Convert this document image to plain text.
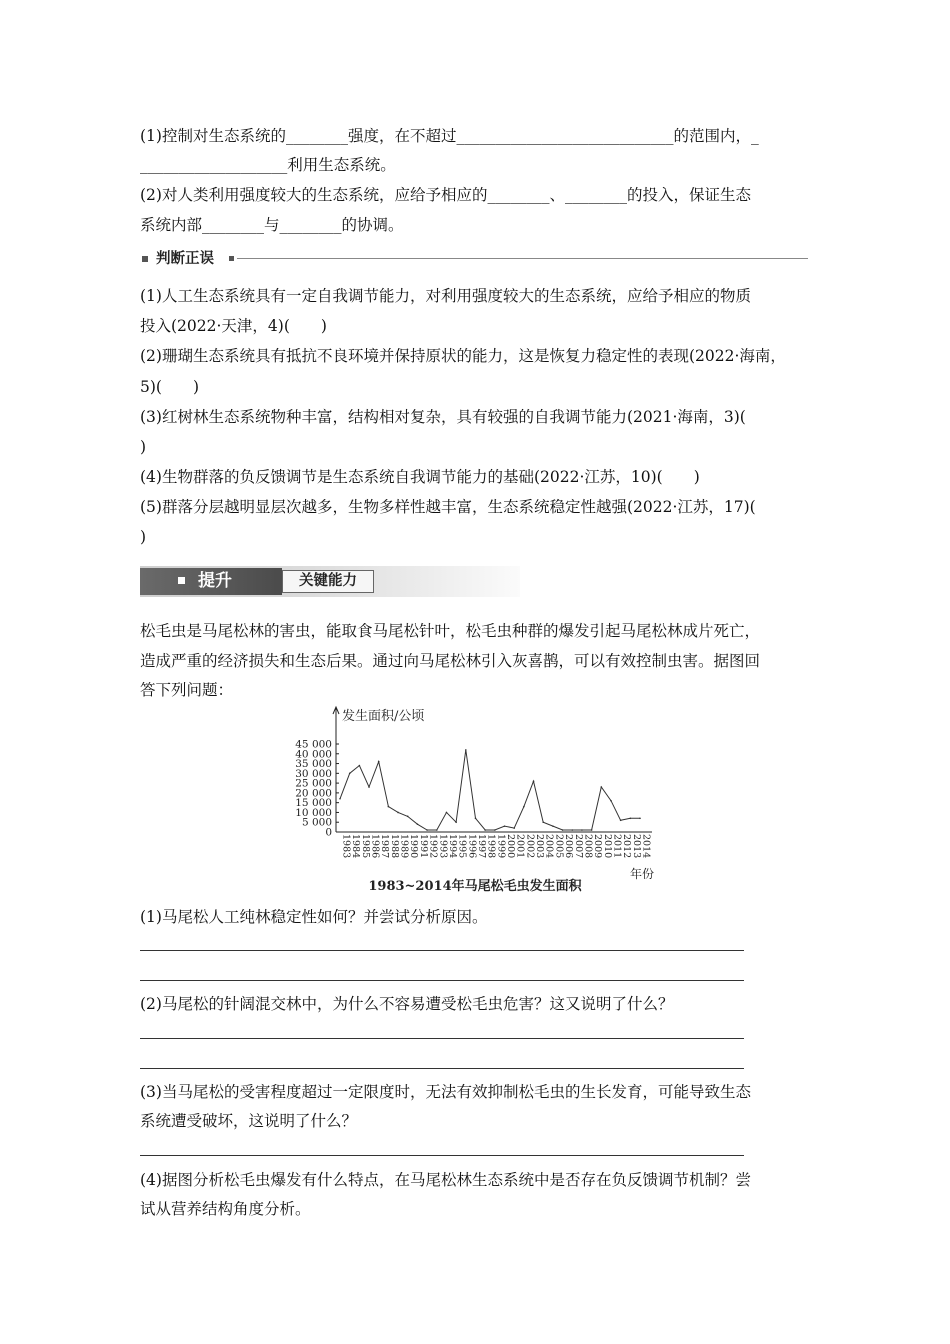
(1)控制对生态系统的________强度，在不超过____________________________的范围内，_
___________________利用生态系统。
(2)对人类利用强度较大的生态系统，应给予相应的________、________的投入，保证生态
系统内部________与________的协调。
判断正误
(1)人工生态系统具有一定自我调节能力，对利用强度较大的生态系统，应给予相应的物质
投入(2022·天津，4)(　　)
(2)珊瑚生态系统具有抵抗不良环境并保持原状的能力，这是恢复力稳定性的表现(2022·海南，
5)(　　)
(3)红树林生态系统物种丰富，结构相对复杂，具有较强的自我调节能力(2021·海南，3)(
)
(4)生物群落的负反馈调节是生态系统自我调节能力的基础(2022·江苏，10)(　　)
(5)群落分层越明显层次越多，生物多样性越丰富，生态系统稳定性越强(2022·江苏，17)(
)
提升	关键能力
松毛虫是马尾松林的害虫，能取食马尾松针叶，松毛虫种群的爆发引起马尾松林成片死亡，
造成严重的经济损失和生态后果。通过向马尾松林引入灰喜鹊，可以有效控制虫害。据图回
答下列问题：
45 000
40 000
35 000
30 000
25 000
20 000
15 000
10 000
5 000
0
1983
1984
1985
1986
1987
1988
1989
1990
1991
1992
1993
1994
1995
1996
1997
1998
1999
2000
2001
2002
2003
2004
2005
2006
2007
2008
2009
2010
2011
2012
2013
2014
发生面积/公顷
年份
1983~2014年马尾松毛虫发生面积
(1)马尾松人工纯林稳定性如何？并尝试分析原因。
(2)马尾松的针阔混交林中，为什么不容易遭受松毛虫危害？这又说明了什么？
(3)当马尾松的受害程度超过一定限度时，无法有效抑制松毛虫的生长发育，可能导致生态
系统遭受破坏，这说明了什么？
(4)据图分析松毛虫爆发有什么特点，在马尾松林生态系统中是否存在负反馈调节机制？尝
试从营养结构角度分析。
